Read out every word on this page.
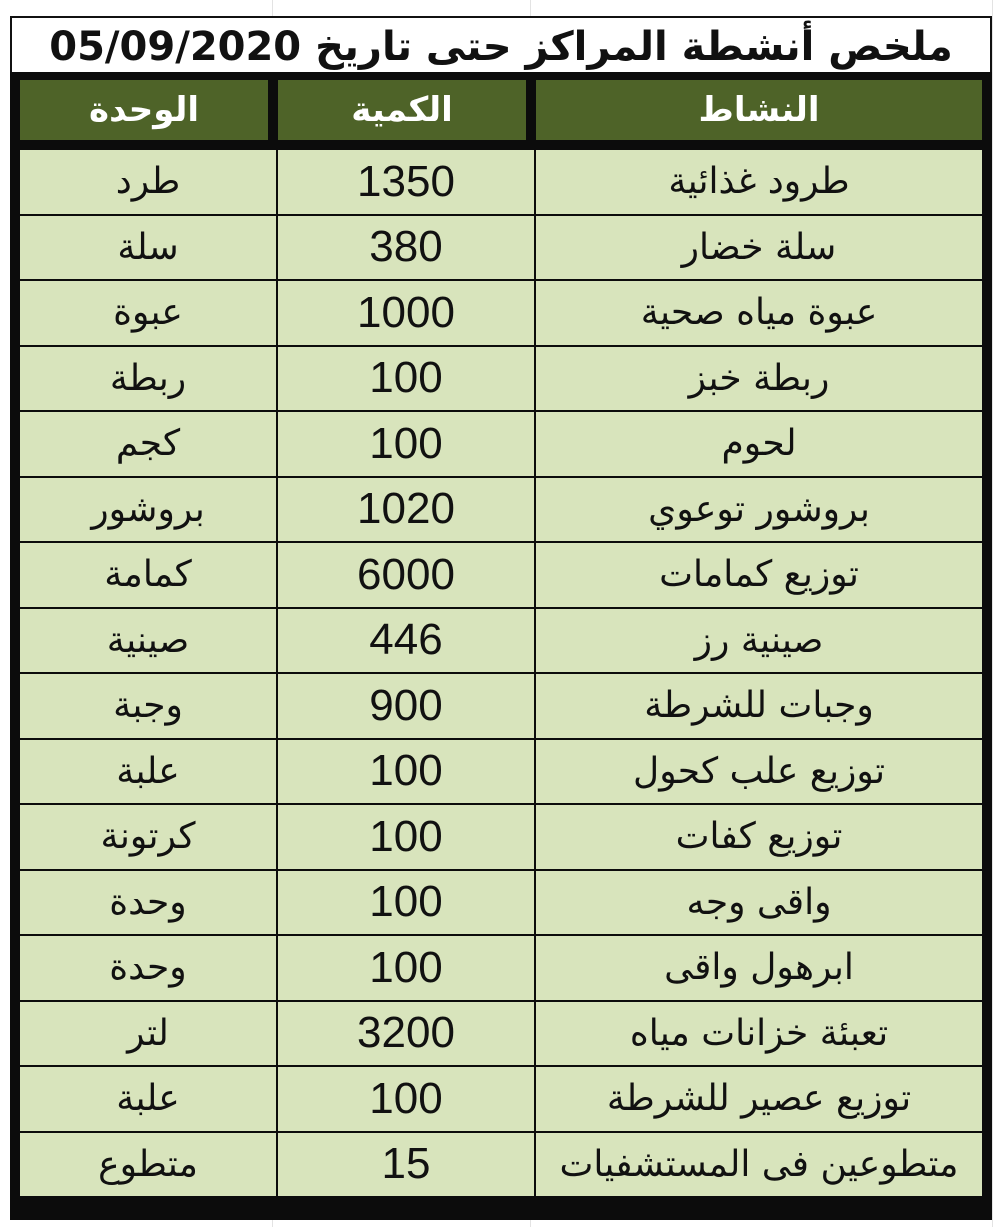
ملخص أنشطة المراكز حتى تاريخ 05/09/2020
النشاط
الكمية
الوحدة
طرود غذائية
1350
طرد
سلة خضار
380
سلة
عبوة مياه صحية
1000
عبوة
ربطة خبز
100
ربطة
لحوم
100
كجم
بروشور توعوي
1020
بروشور
توزيع كمامات
6000
كمامة
صينية رز
446
صينية
وجبات للشرطة
900
وجبة
توزيع علب كحول
100
علبة
توزيع كفات
100
كرتونة
واقى وجه
100
وحدة
ابرهول واقى
100
وحدة
تعبئة خزانات مياه
3200
لتر
توزيع عصير للشرطة
100
علبة
متطوعين فى المستشفيات
15
متطوع
